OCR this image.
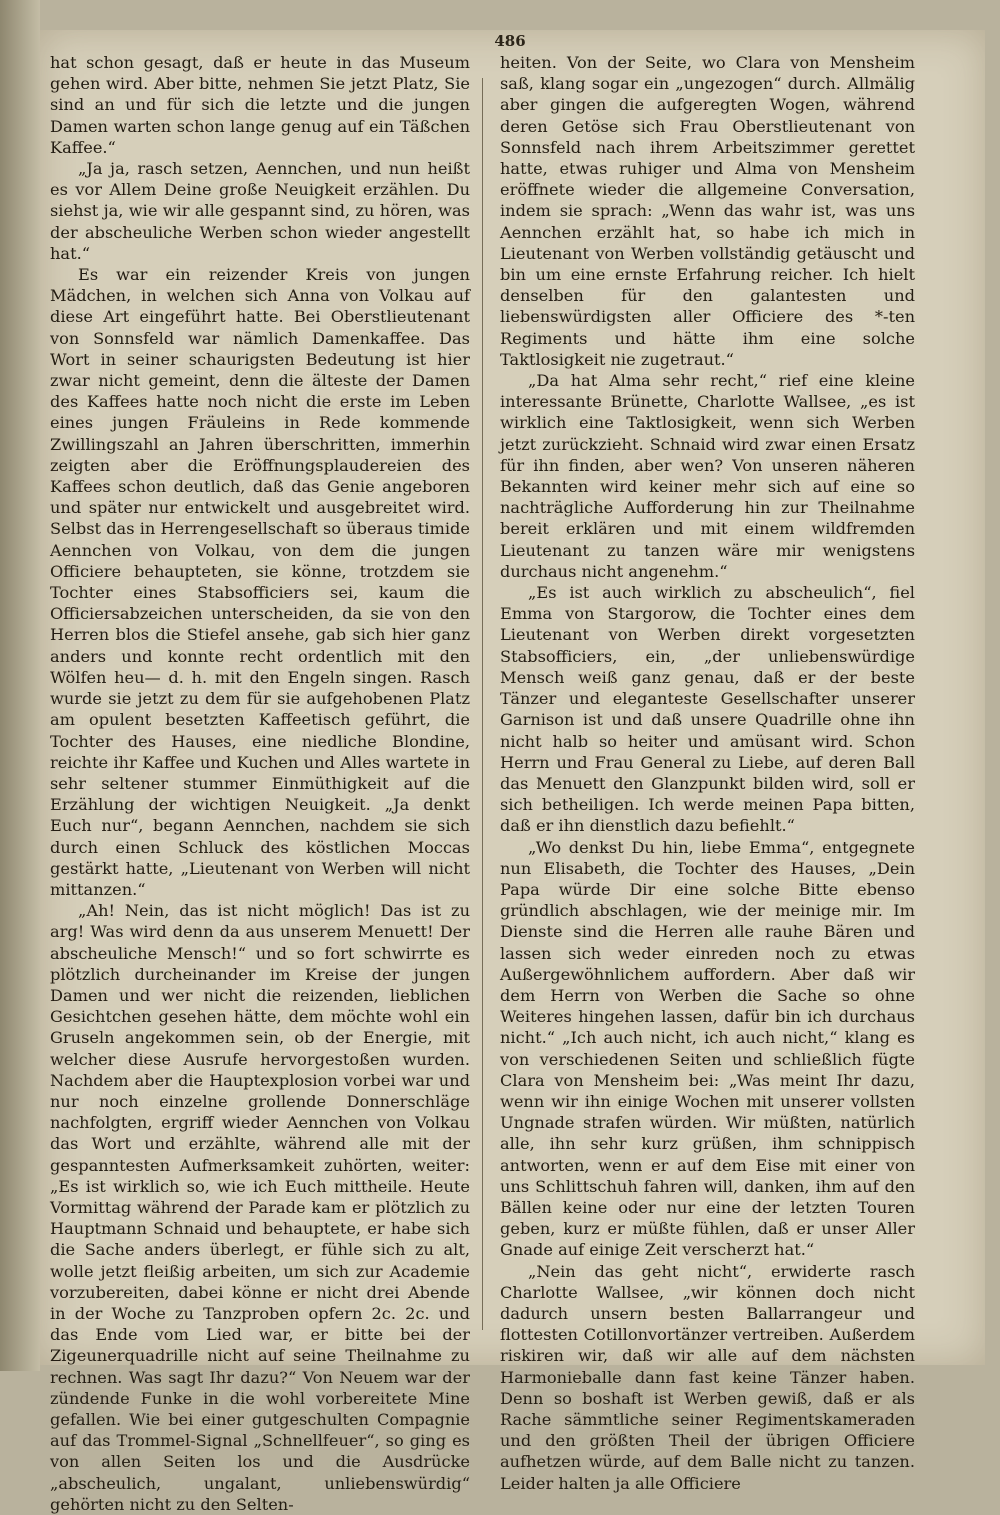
486

hat schon gesagt, daß er heute in das Museum gehen wird. Aber bitte, nehmen Sie jetzt Platz, Sie sind an und für sich die letzte und die jungen Damen warten schon lange genug auf ein Täßchen Kaffee.“

„Ja ja, rasch setzen, Aennchen, und nun heißt es vor Allem Deine große Neuigkeit erzählen. Du siehst ja, wie wir alle gespannt sind, zu hören, was der abscheuliche Werben schon wieder angestellt hat.“

Es war ein reizender Kreis von jungen Mädchen, in welchen sich Anna von Volkau auf diese Art eingeführt hatte. Bei Oberstlieutenant von Sonnsfeld war nämlich Damenkaffee. Das Wort in seiner schaurigsten Bedeutung ist hier zwar nicht gemeint, denn die älteste der Damen des Kaffees hatte noch nicht die erste im Leben eines jungen Fräuleins in Rede kommende Zwillingszahl an Jahren überschritten, immerhin zeigten aber die Eröffnungsplaudereien des Kaffees schon deutlich, daß das Genie angeboren und später nur entwickelt und ausgebreitet wird. Selbst das in Herrengesellschaft so überaus timide Aennchen von Volkau, von dem die jungen Officiere behaupteten, sie könne, trotzdem sie Tochter eines Stabsofficiers sei, kaum die Officiersabzeichen unterscheiden, da sie von den Herren blos die Stiefel ansehe, gab sich hier ganz anders und konnte recht ordentlich mit den Wölfen heu— d. h. mit den Engeln singen. Rasch wurde sie jetzt zu dem für sie aufgehobenen Platz am opulent besetzten Kaffeetisch geführt, die Tochter des Hauses, eine niedliche Blondine, reichte ihr Kaffee und Kuchen und Alles wartete in sehr seltener stummer Einmüthigkeit auf die Erzählung der wichtigen Neuigkeit. „Ja denkt Euch nur“, begann Aennchen, nachdem sie sich durch einen Schluck des köstlichen Moccas gestärkt hatte, „Lieutenant von Werben will nicht mittanzen.“

„Ah! Nein, das ist nicht möglich! Das ist zu arg! Was wird denn da aus unserem Menuett! Der abscheuliche Mensch!“ und so fort schwirrte es plötzlich durcheinander im Kreise der jungen Damen und wer nicht die reizenden, lieblichen Gesichtchen gesehen hätte, dem möchte wohl ein Gruseln angekommen sein, ob der Energie, mit welcher diese Ausrufe hervorgestoßen wurden. Nachdem aber die Hauptexplosion vorbei war und nur noch einzelne grollende Donnerschläge nachfolgten, ergriff wieder Aennchen von Volkau das Wort und erzählte, während alle mit der gespanntesten Aufmerksamkeit zuhörten, weiter: „Es ist wirklich so, wie ich Euch mittheile. Heute Vormittag während der Parade kam er plötzlich zu Hauptmann Schnaid und behauptete, er habe sich die Sache anders überlegt, er fühle sich zu alt, wolle jetzt fleißig arbeiten, um sich zur Academie vorzubereiten, dabei könne er nicht drei Abende in der Woche zu Tanzproben opfern 2c. 2c. und das Ende vom Lied war, er bitte bei der Zigeunerquadrille nicht auf seine Theilnahme zu rechnen. Was sagt Ihr dazu?“ Von Neuem war der zündende Funke in die wohl vorbereitete Mine gefallen. Wie bei einer gutgeschulten Compagnie auf das Trommel-Signal „Schnellfeuer“, so ging es von allen Seiten los und die Ausdrücke „abscheulich, ungalant, unliebenswürdig“ gehörten nicht zu den Selten-

heiten. Von der Seite, wo Clara von Mensheim saß, klang sogar ein „ungezogen“ durch. Allmälig aber gingen die aufgeregten Wogen, während deren Getöse sich Frau Oberstlieutenant von Sonnsfeld nach ihrem Arbeitszimmer gerettet hatte, etwas ruhiger und Alma von Mensheim eröffnete wieder die allgemeine Conversation, indem sie sprach: „Wenn das wahr ist, was uns Aennchen erzählt hat, so habe ich mich in Lieutenant von Werben vollständig getäuscht und bin um eine ernste Erfahrung reicher. Ich hielt denselben für den galantesten und liebenswürdigsten aller Officiere des *-ten Regiments und hätte ihm eine solche Taktlosigkeit nie zugetraut.“

„Da hat Alma sehr recht,“ rief eine kleine interessante Brünette, Charlotte Wallsee, „es ist wirklich eine Taktlosigkeit, wenn sich Werben jetzt zurückzieht. Schnaid wird zwar einen Ersatz für ihn finden, aber wen? Von unseren näheren Bekannten wird keiner mehr sich auf eine so nachträgliche Aufforderung hin zur Theilnahme bereit erklären und mit einem wildfremden Lieutenant zu tanzen wäre mir wenigstens durchaus nicht angenehm.“

„Es ist auch wirklich zu abscheulich“, fiel Emma von Stargorow, die Tochter eines dem Lieutenant von Werben direkt vorgesetzten Stabsofficiers, ein, „der unliebenswürdige Mensch weiß ganz genau, daß er der beste Tänzer und eleganteste Gesellschafter unserer Garnison ist und daß unsere Quadrille ohne ihn nicht halb so heiter und amüsant wird. Schon Herrn und Frau General zu Liebe, auf deren Ball das Menuett den Glanzpunkt bilden wird, soll er sich betheiligen. Ich werde meinen Papa bitten, daß er ihn dienstlich dazu befiehlt.“

„Wo denkst Du hin, liebe Emma“, entgegnete nun Elisabeth, die Tochter des Hauses, „Dein Papa würde Dir eine solche Bitte ebenso gründlich abschlagen, wie der meinige mir. Im Dienste sind die Herren alle rauhe Bären und lassen sich weder einreden noch zu etwas Außergewöhnlichem auffordern. Aber daß wir dem Herrn von Werben die Sache so ohne Weiteres hingehen lassen, dafür bin ich durchaus nicht.“ „Ich auch nicht, ich auch nicht,“ klang es von verschiedenen Seiten und schließlich fügte Clara von Mensheim bei: „Was meint Ihr dazu, wenn wir ihn einige Wochen mit unserer vollsten Ungnade strafen würden. Wir müßten, natürlich alle, ihn sehr kurz grüßen, ihm schnippisch antworten, wenn er auf dem Eise mit einer von uns Schlittschuh fahren will, danken, ihm auf den Bällen keine oder nur eine der letzten Touren geben, kurz er müßte fühlen, daß er unser Aller Gnade auf einige Zeit verscherzt hat.“

„Nein das geht nicht“, erwiderte rasch Charlotte Wallsee, „wir können doch nicht dadurch unsern besten Ballarrangeur und flottesten Cotillonvortänzer vertreiben. Außerdem riskiren wir, daß wir alle auf dem nächsten Harmonieballe dann fast keine Tänzer haben. Denn so boshaft ist Werben gewiß, daß er als Rache sämmtliche seiner Regimentskameraden und den größten Theil der übrigen Officiere aufhetzen würde, auf dem Balle nicht zu tanzen. Leider halten ja alle Officiere
